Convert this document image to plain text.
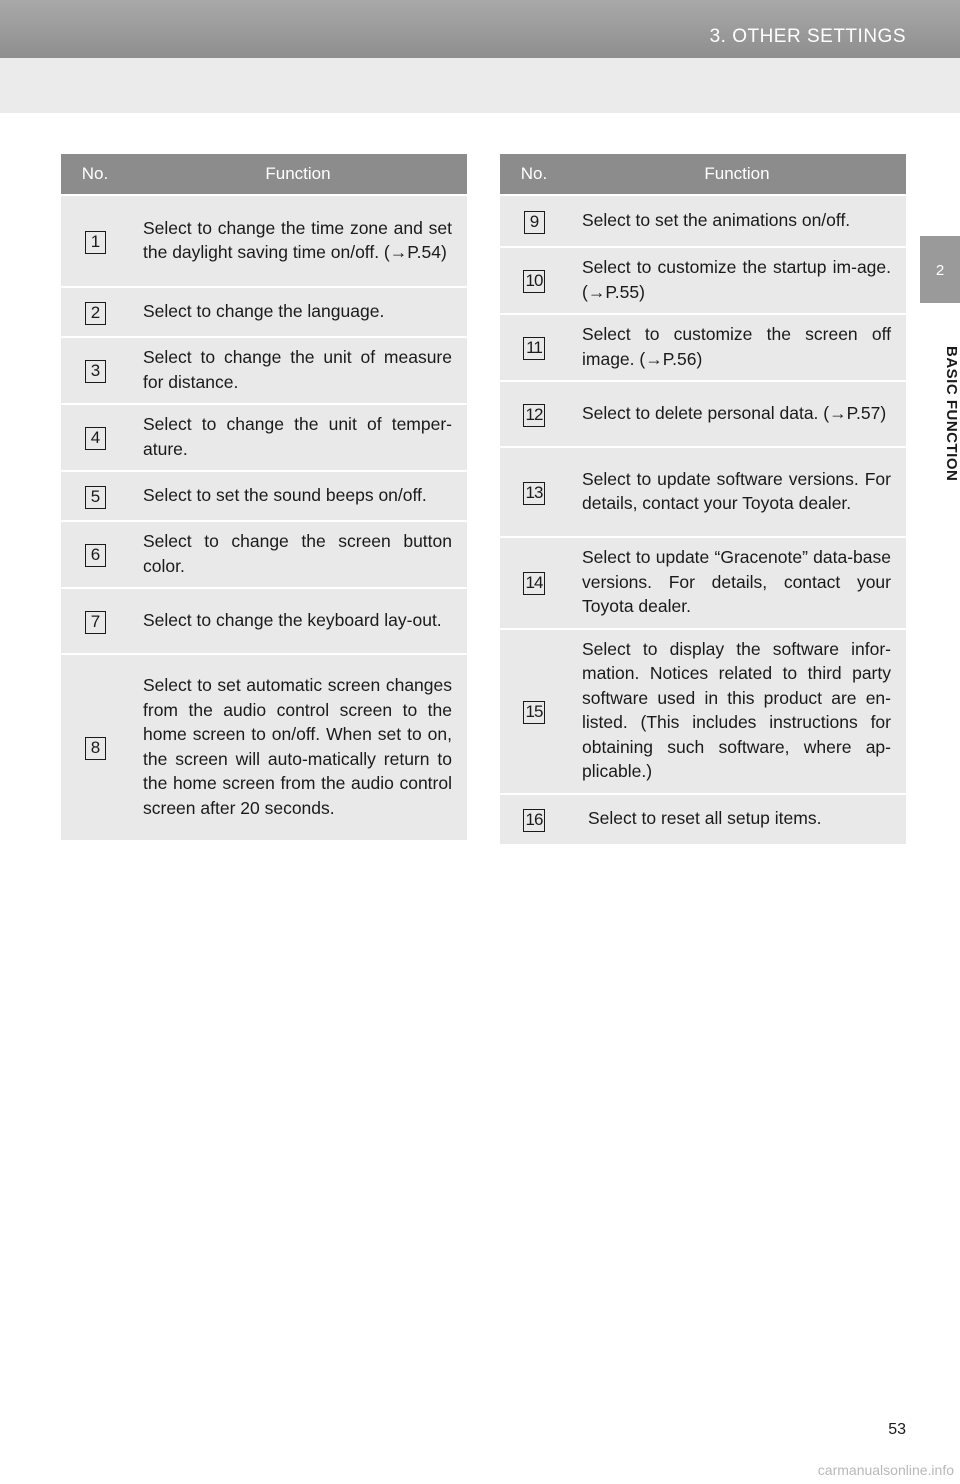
3. OTHER SETTINGS
2
BASIC FUNCTION
No.	Function
1	Select to change the time zone and set the daylight saving time on/off. (→P.54)
2	Select to change the language.
3	Select to change the unit of measure for distance.
4	Select to change the unit of temper-ature.
5	Select to set the sound beeps on/off.
6	Select to change the screen button color.
7	Select to change the keyboard lay-out.
8	Select to set automatic screen changes from the audio control screen to the home screen to on/off. When set to on, the screen will auto-matically return to the home screen from the audio control screen after 20 seconds.
No.	Function
9	Select to set the animations on/off.
10	Select to customize the startup im-age. (→P.55)
11	Select to customize the screen off image. (→P.56)
12	Select to delete personal data. (→P.57)
13	Select to update software versions. For details, contact your Toyota dealer.
14	Select to update “Gracenote” data-base versions. For details, contact your Toyota dealer.
15	Select to display the software infor-mation. Notices related to third party software used in this product are en-listed. (This includes instructions for obtaining such software, where ap-plicable.)
16	Select to reset all setup items.
53
carmanualsonline.info
